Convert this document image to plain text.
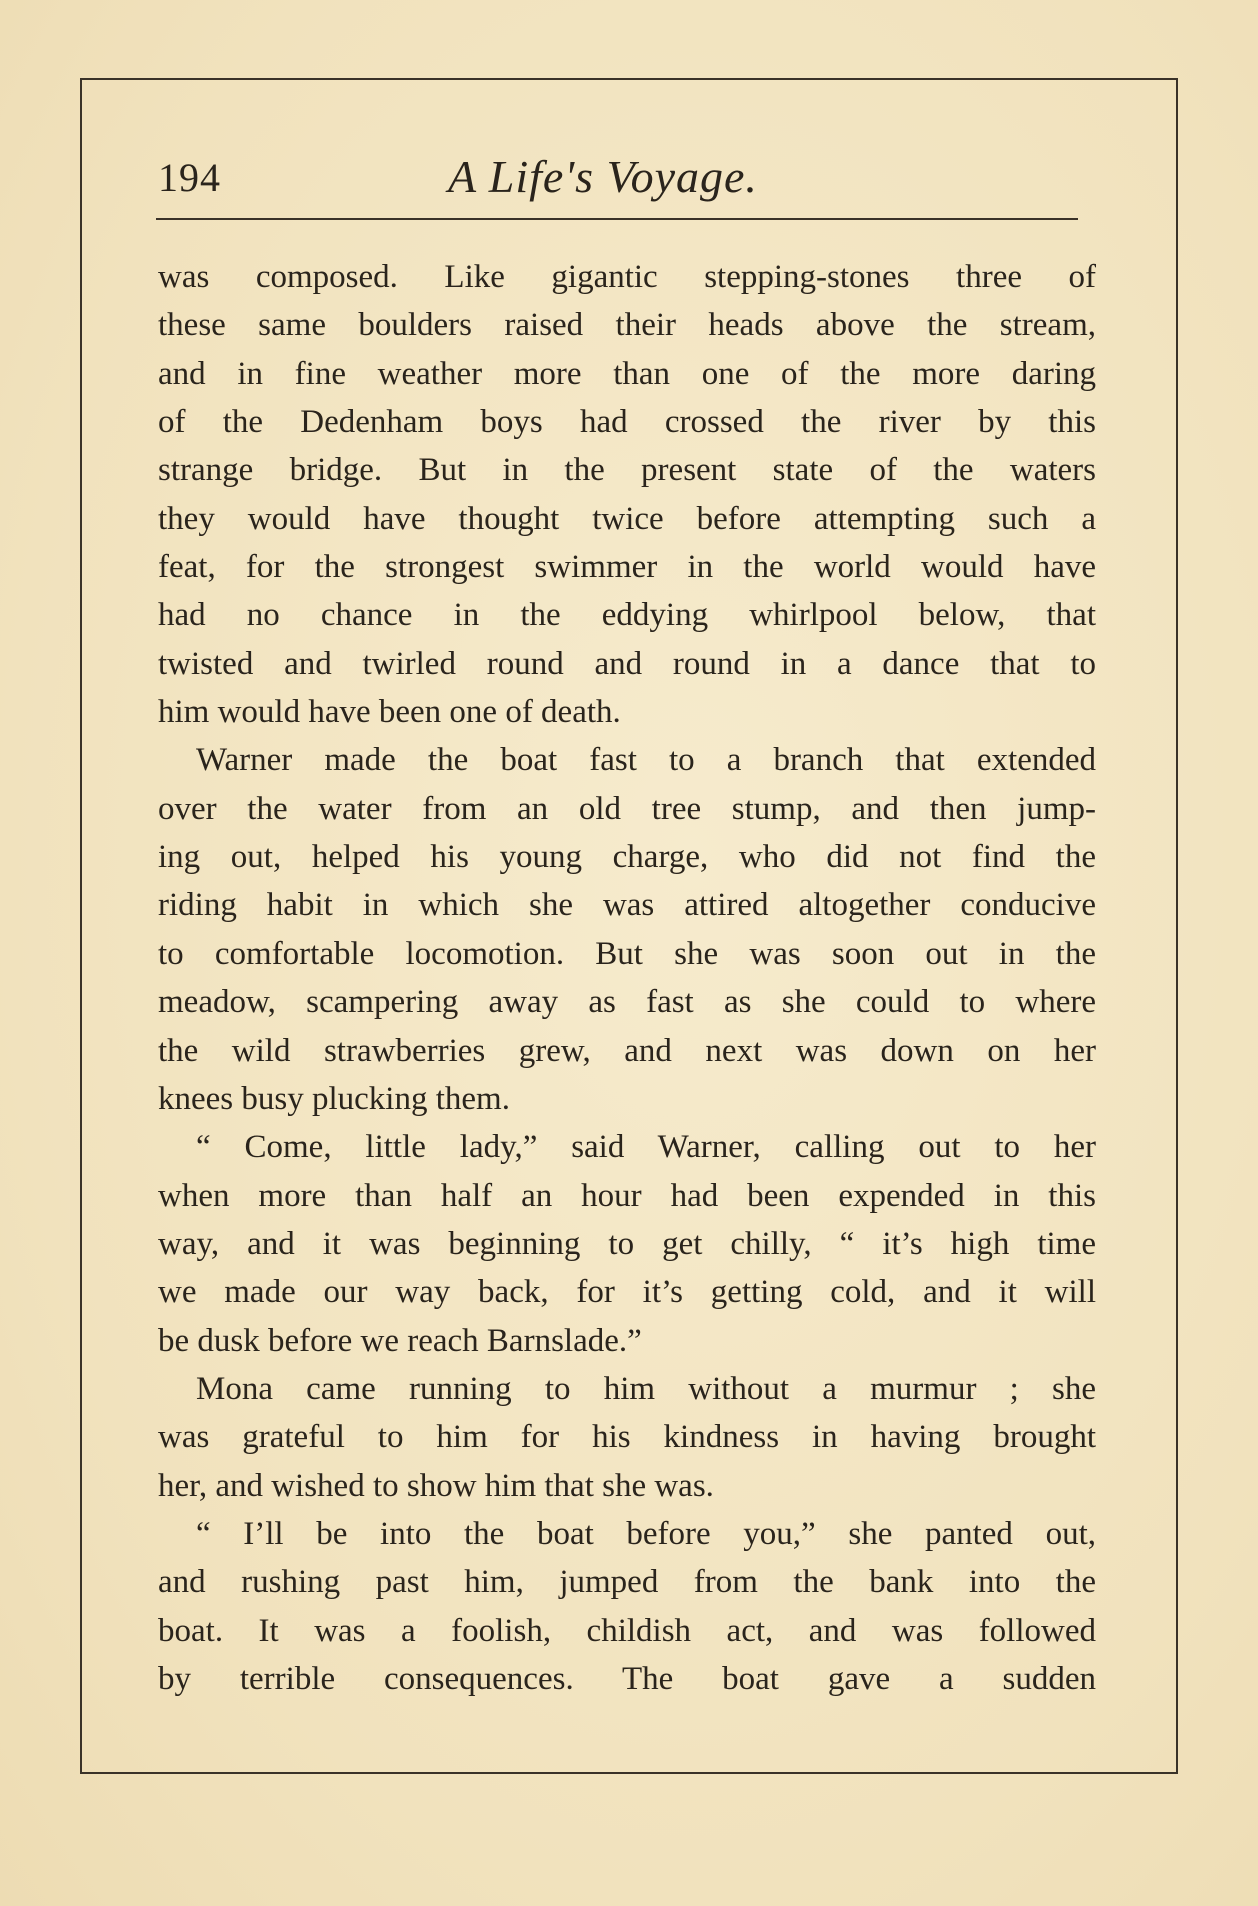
194	A Life's Voyage.
was composed. Like gigantic stepping-stones three of
these same boulders raised their heads above the stream,
and in fine weather more than one of the more daring
of the Dedenham boys had crossed the river by this
strange bridge. But in the present state of the waters
they would have thought twice before attempting such a
feat, for the strongest swimmer in the world would have
had no chance in the eddying whirlpool below, that
twisted and twirled round and round in a dance that to
him would have been one of death.
Warner made the boat fast to a branch that extended
over the water from an old tree stump, and then jump-
ing out, helped his young charge, who did not find the
riding habit in which she was attired altogether conducive
to comfortable locomotion. But she was soon out in the
meadow, scampering away as fast as she could to where
the wild strawberries grew, and next was down on her
knees busy plucking them.
“ Come, little lady,” said Warner, calling out to her
when more than half an hour had been expended in this
way, and it was beginning to get chilly, “ it’s high time
we made our way back, for it’s getting cold, and it will
be dusk before we reach Barnslade.”
Mona came running to him without a murmur ; she
was grateful to him for his kindness in having brought
her, and wished to show him that she was.
“ I’ll be into the boat before you,” she panted out,
and rushing past him, jumped from the bank into the
boat. It was a foolish, childish act, and was followed
by terrible consequences. The boat gave a sudden
